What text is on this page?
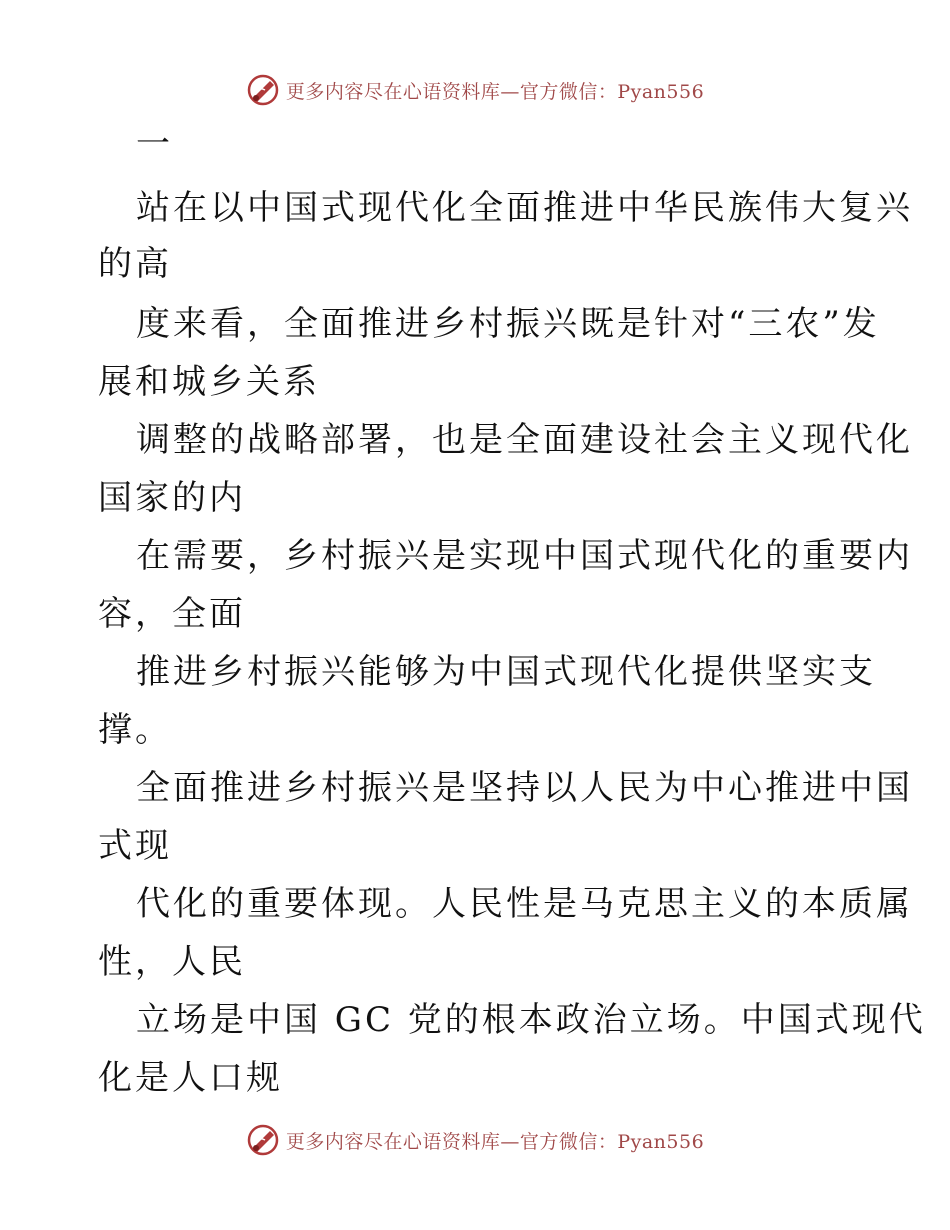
更多内容尽在心语资料库—官方微信：Pyan556
一
站在以中国式现代化全面推进中华民族伟大复兴
的高
度来看，全面推进乡村振兴既是针对“三农”发
展和城乡关系
调整的战略部署，也是全面建设社会主义现代化
国家的内
在需要，乡村振兴是实现中国式现代化的重要内
容，全面
推进乡村振兴能够为中国式现代化提供坚实支
撑。
全面推进乡村振兴是坚持以人民为中心推进中国
式现
代化的重要体现。人民性是马克思主义的本质属
性，人民
立场是中国 GC 党的根本政治立场。中国式现代
化是人口规
更多内容尽在心语资料库—官方微信：Pyan556
